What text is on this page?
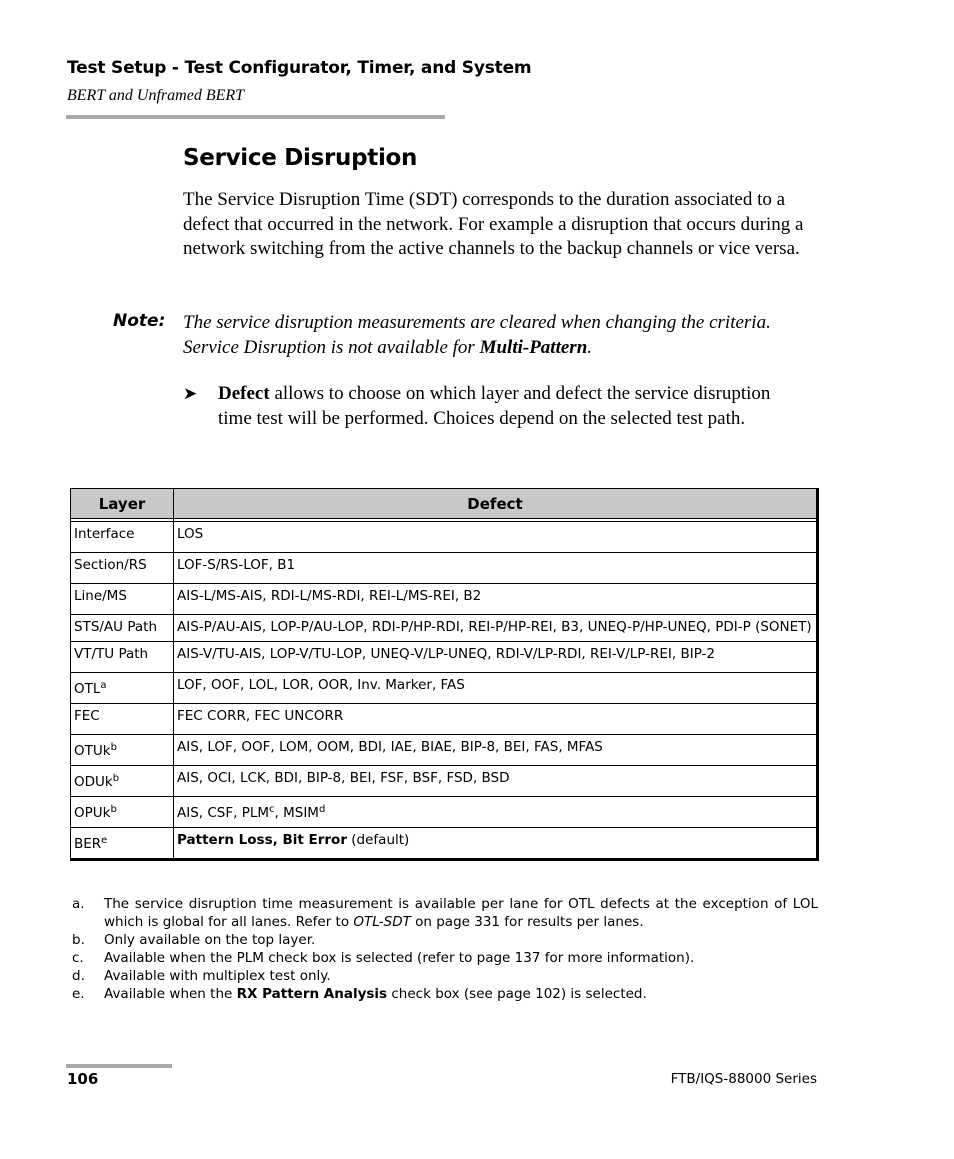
Test Setup - Test Configurator, Timer, and System
BERT and Unframed BERT
Service Disruption
The Service Disruption Time (SDT) corresponds to the duration associated to a defect that occurred in the network. For example a disruption that occurs during a network switching from the active channels to the backup channels or vice versa.
Note: The service disruption measurements are cleared when changing the criteria. Service Disruption is not available for Multi-Pattern.
➤ Defect allows to choose on which layer and defect the service disruption time test will be performed. Choices depend on the selected test path.
Layer	Defect

Interface	LOS
Section/RS	LOF-S/RS-LOF, B1
Line/MS	AIS-L/MS-AIS, RDI-L/MS-RDI, REI-L/MS-REI, B2
STS/AU Path	AIS-P/AU-AIS, LOP-P/AU-LOP, RDI-P/HP-RDI, REI-P/HP-REI, B3, UNEQ-P/HP-UNEQ, PDI-P (SONET)
VT/TU Path	AIS-V/TU-AIS, LOP-V/TU-LOP, UNEQ-V/LP-UNEQ, RDI-V/LP-RDI, REI-V/LP-REI, BIP-2
OTL$^a$	LOF, OOF, LOL, LOR, OOR, Inv. Marker, FAS
FEC	FEC CORR, FEC UNCORR
OTUk$^b$	AIS, LOF, OOF, LOM, OOM, BDI, IAE, BIAE, BIP-8, BEI, FAS, MFAS
ODUk$^b$	AIS, OCI, LCK, BDI, BIP-8, BEI, FSF, BSF, FSD, BSD
OPUk$^b$	AIS, CSF, PLM$^c$, MSIM$^d$
BER$^e$	Pattern Loss, Bit Error (default)
a.	The service disruption time measurement is available per lane for OTL defects at the exception of LOL which is global for all lanes. Refer to OTL-SDT on page 331 for results per lanes.
b.	Only available on the top layer.
c.	Available when the PLM check box is selected (refer to page 137 for more information).
d.	Available with multiplex test only.
e.	Available when the RX Pattern Analysis check box (see page 102) is selected.
106	FTB/IQS-88000 Series
